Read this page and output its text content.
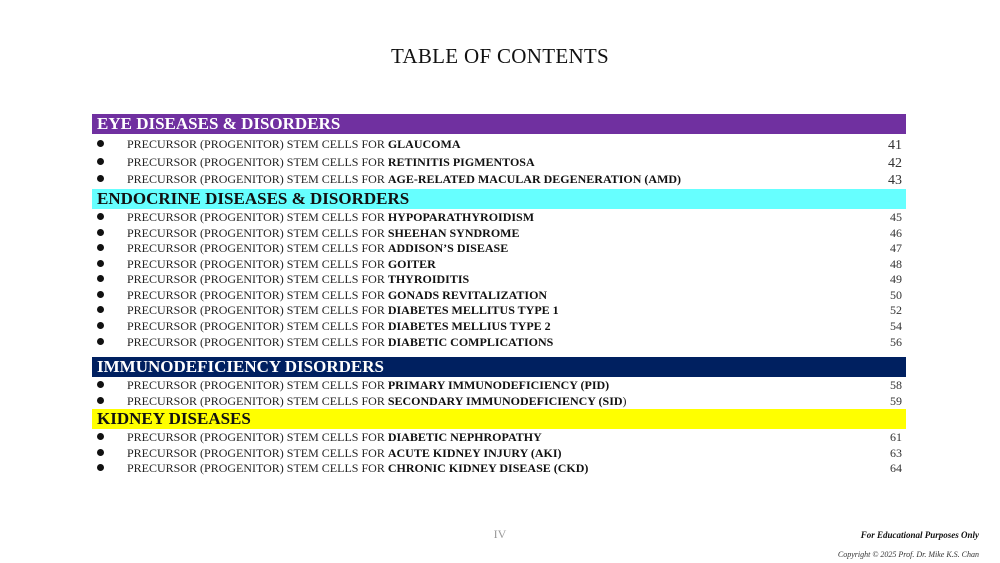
TABLE OF CONTENTS
EYE DISEASES & DISORDERS
PRECURSOR (PROGENITOR) STEM CELLS FOR GLAUCOMA	41
PRECURSOR (PROGENITOR) STEM CELLS FOR RETINITIS PIGMENTOSA	42
PRECURSOR (PROGENITOR) STEM CELLS FOR AGE-RELATED MACULAR DEGENERATION (AMD)	43
ENDOCRINE DISEASES & DISORDERS
PRECURSOR (PROGENITOR) STEM CELLS FOR HYPOPARATHYROIDISM	45
PRECURSOR (PROGENITOR) STEM CELLS FOR SHEEHAN SYNDROME	46
PRECURSOR (PROGENITOR) STEM CELLS FOR ADDISON’S DISEASE	47
PRECURSOR (PROGENITOR) STEM CELLS FOR GOITER	48
PRECURSOR (PROGENITOR) STEM CELLS FOR THYROIDITIS	49
PRECURSOR (PROGENITOR) STEM CELLS FOR GONADS REVITALIZATION	50
PRECURSOR (PROGENITOR) STEM CELLS FOR DIABETES MELLITUS TYPE 1	52
PRECURSOR (PROGENITOR) STEM CELLS FOR DIABETES MELLIUS TYPE 2	54
PRECURSOR (PROGENITOR) STEM CELLS FOR DIABETIC COMPLICATIONS	56
IMMUNODEFICIENCY DISORDERS
PRECURSOR (PROGENITOR) STEM CELLS FOR PRIMARY IMMUNODEFICIENCY (PID)	58
PRECURSOR (PROGENITOR) STEM CELLS FOR SECONDARY IMMUNODEFICIENCY (SID)	59
KIDNEY DISEASES
PRECURSOR (PROGENITOR) STEM CELLS FOR DIABETIC NEPHROPATHY	61
PRECURSOR (PROGENITOR) STEM CELLS FOR ACUTE KIDNEY INJURY (AKI)	63
PRECURSOR (PROGENITOR) STEM CELLS FOR CHRONIC KIDNEY DISEASE (CKD)	64
IV	For Educational Purposes Only
Copyright © 2025 Prof. Dr. Mike K.S. Chan
